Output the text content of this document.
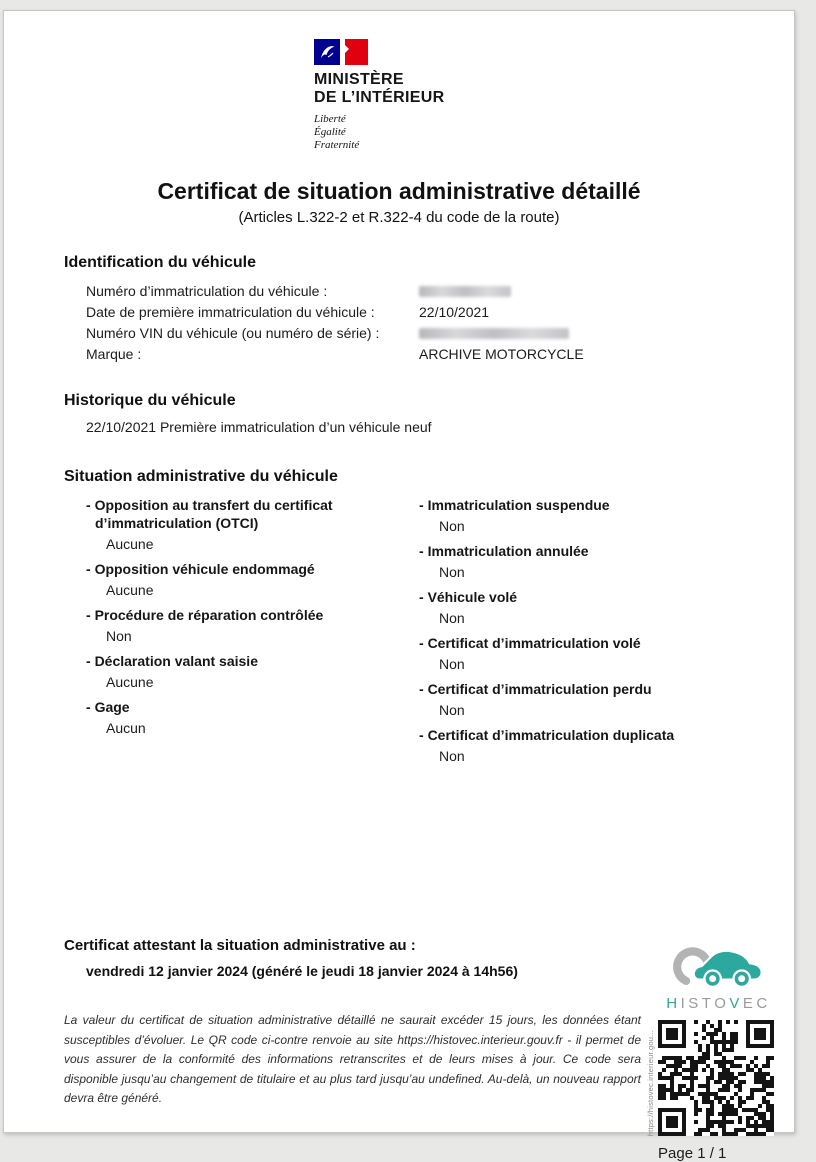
MINISTÈRE
DE L’INTÉRIEUR
Liberté
Égalité
Fraternité
Certificat de situation administrative détaillé
(Articles L.322-2 et R.322-4 du code de la route)
Identification du véhicule
Numéro d’immatriculation du véhicule :
Date de première immatriculation du véhicule :	22/10/2021
Numéro VIN du véhicule (ou numéro de série) :
Marque :	ARCHIVE MOTORCYCLE
Historique du véhicule
22/10/2021 Première immatriculation d’un véhicule neuf
Situation administrative du véhicule
- Opposition au transfert du certificat d’immatriculation (OTCI)
Aucune
- Opposition véhicule endommagé
Aucune
- Procédure de réparation contrôlée
Non
- Déclaration valant saisie
Aucune
- Gage
Aucun
- Immatriculation suspendue
Non
- Immatriculation annulée
Non
- Véhicule volé
Non
- Certificat d’immatriculation volé
Non
- Certificat d’immatriculation perdu
Non
- Certificat d’immatriculation duplicata
Non
Certificat attestant la situation administrative au :
vendredi 12 janvier 2024 (généré le jeudi 18 janvier 2024 à 14h56)
La valeur du certificat de situation administrative détaillé ne saurait excéder 15 jours, les données étant susceptibles d’évoluer. Le QR code ci-contre renvoie au site https://histovec.interieur.gouv.fr - il permet de vous assurer de la conformité des informations retranscrites et de leurs mises à jour. Ce code sera disponible jusqu’au changement de titulaire et au plus tard jusqu’au undefined. Au-delà, un nouveau rapport devra être généré.
HISTOVEC
https://histovec.interieur.gou...
Page 1 / 1
